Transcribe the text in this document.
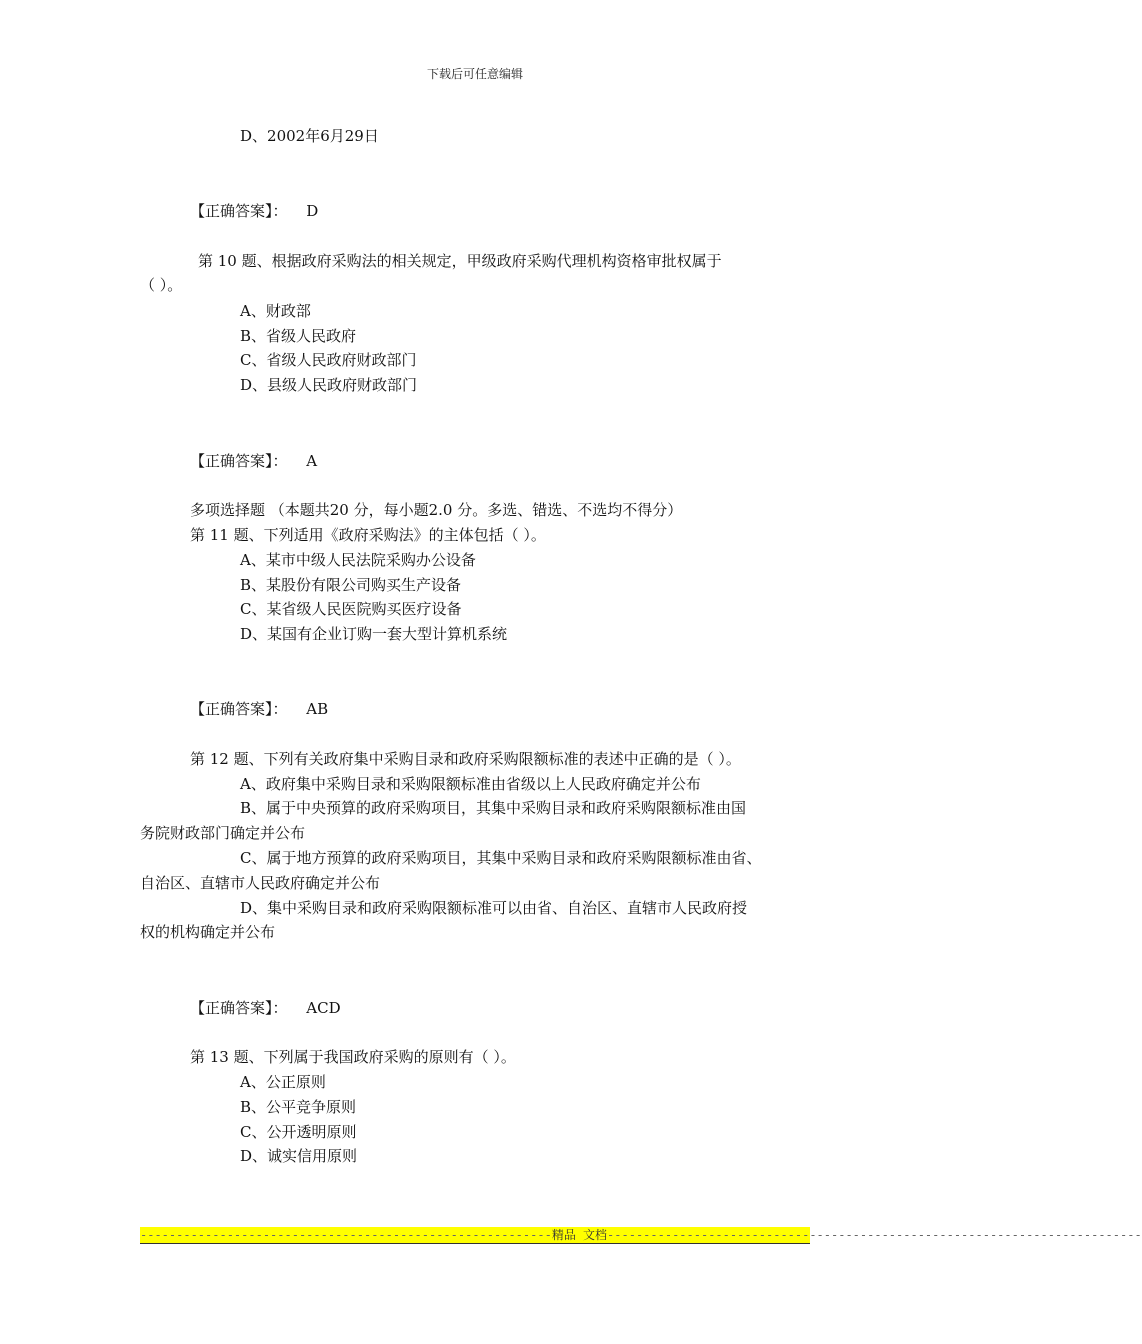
下载后可任意编辑
D、2002年6月29日
【正确答案】： D
第 10 题、根据政府采购法的相关规定，甲级政府采购代理机构资格审批权属于
（ ）。
A、财政部
B、省级人民政府
C、省级人民政府财政部门
D、县级人民政府财政部门
【正确答案】： A
多项选择题 （本题共20 分，每小题2.0 分。多选、错选、不选均不得分）
第 11 题、下列适用《政府采购法》的主体包括（ ）。
A、某市中级人民法院采购办公设备
B、某股份有限公司购买生产设备
C、某省级人民医院购买医疗设备
D、某国有企业订购一套大型计算机系统
【正确答案】： AB
第 12 题、下列有关政府集中采购目录和政府采购限额标准的表述中正确的是（ ）。
A、政府集中采购目录和采购限额标准由省级以上人民政府确定并公布
B、属于中央预算的政府采购项目，其集中采购目录和政府采购限额标准由国
务院财政部门确定并公布
C、属于地方预算的政府采购项目，其集中采购目录和政府采购限额标准由省、
自治区、直辖市人民政府确定并公布
D、集中采购目录和政府采购限额标准可以由省、自治区、直辖市人民政府授
权的机构确定并公布
【正确答案】： ACD
第 13 题、下列属于我国政府采购的原则有（ ）。
A、公正原则
B、公平竞争原则
C、公开透明原则
D、诚实信用原则
---------------------------------------------------------精品 文档--------------------------------------------------------------------------
